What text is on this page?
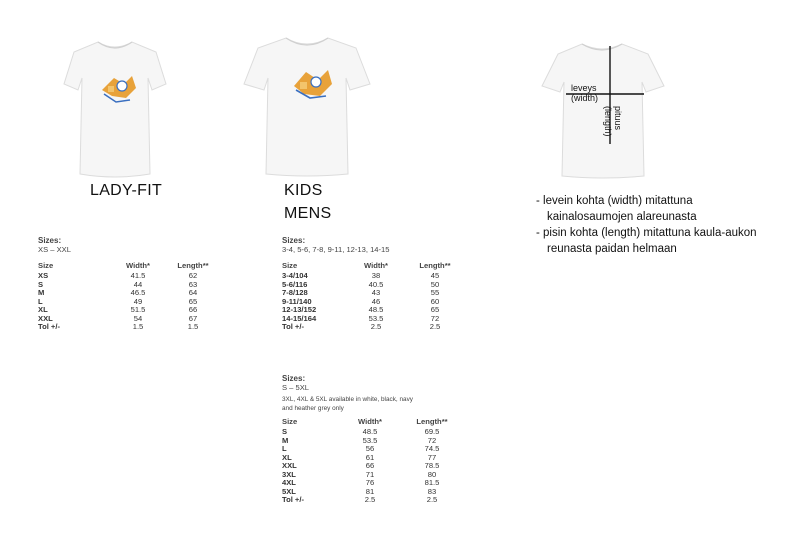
leveys
(width)
pituus
(length)
LADY-FIT	KIDS
MENS
Sizes:
XS – XXL
Size	Width*	Length**
XS	41.5	62
S	44	63
M	46.5	64
L	49	65
XL	51.5	66
XXL	54	67
Tol +/-	1.5	1.5
Sizes:
3-4, 5-6, 7-8, 9-11, 12-13, 14-15
Size	Width*	Length**
3-4/104	38	45
5-6/116	40.5	50
7-8/128	43	55
9-11/140	46	60
12-13/152	48.5	65
14-15/164	53.5	72
Tol +/-	2.5	2.5
Sizes:
S – 5XL
3XL, 4XL & 5XL available in white, black, navy and heather grey only
Size	Width*	Length**
S	48.5	69.5
M	53.5	72
L	56	74.5
XL	61	77
XXL	66	78.5
3XL	71	80
4XL	76	81.5
5XL	81	83
Tol +/-	2.5	2.5
- levein kohta (width) mitattuna
kainalosaumojen alareunasta
- pisin kohta (length) mitattuna kaula-aukon
reunasta paidan helmaan
